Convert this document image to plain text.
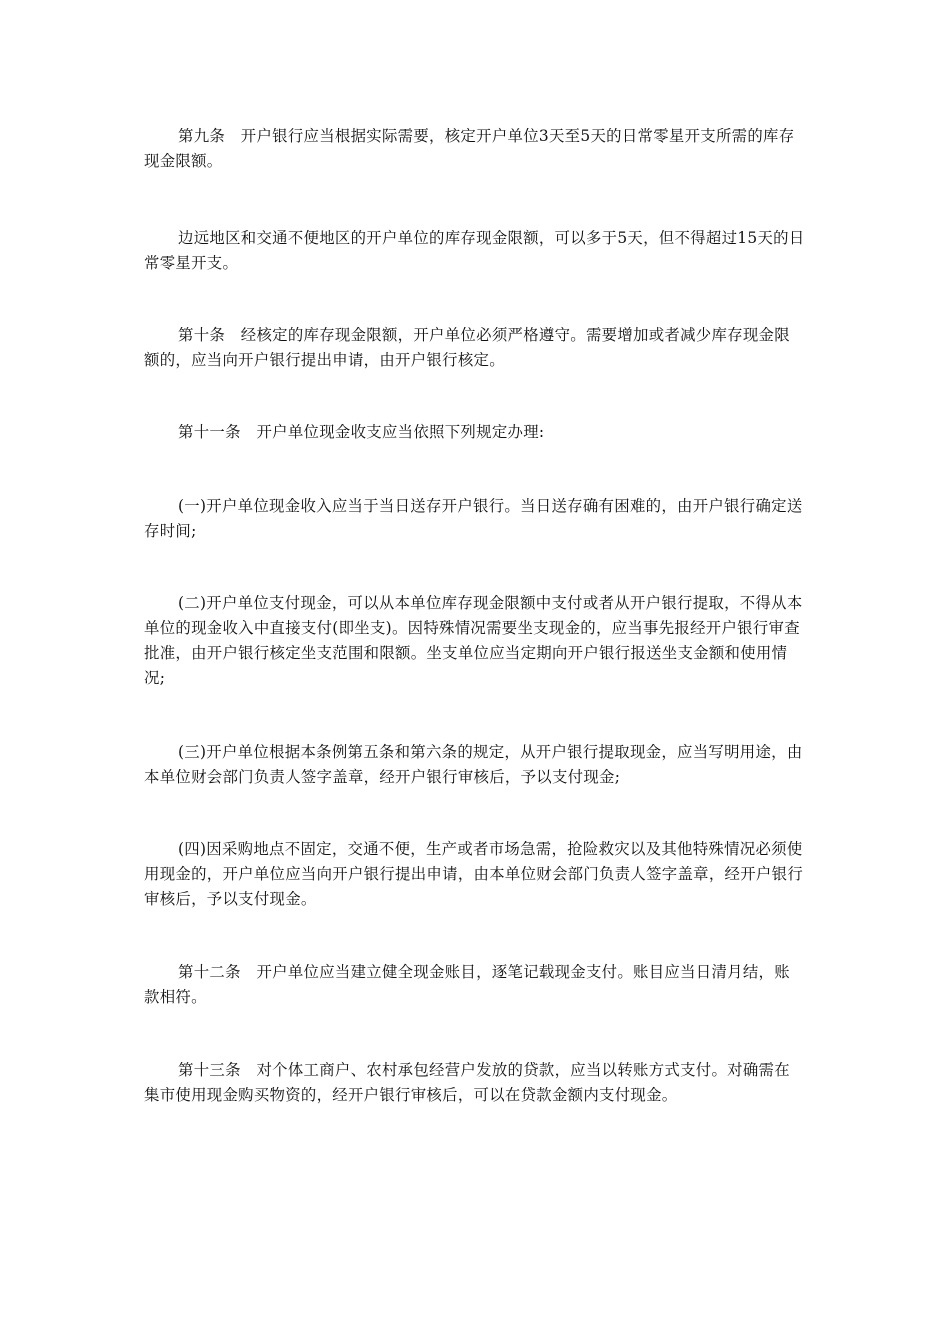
第九条　开户银行应当根据实际需要，核定开户单位3天至5天的日常零星开支所需的库存现金限额。

边远地区和交通不便地区的开户单位的库存现金限额，可以多于5天，但不得超过15天的日常零星开支。

第十条　经核定的库存现金限额，开户单位必须严格遵守。需要增加或者减少库存现金限额的，应当向开户银行提出申请，由开户银行核定。

第十一条　开户单位现金收支应当依照下列规定办理:

(一)开户单位现金收入应当于当日送存开户银行。当日送存确有困难的，由开户银行确定送存时间;

(二)开户单位支付现金，可以从本单位库存现金限额中支付或者从开户银行提取，不得从本单位的现金收入中直接支付(即坐支)。因特殊情况需要坐支现金的，应当事先报经开户银行审查批准，由开户银行核定坐支范围和限额。坐支单位应当定期向开户银行报送坐支金额和使用情况;

(三)开户单位根据本条例第五条和第六条的规定，从开户银行提取现金，应当写明用途，由本单位财会部门负责人签字盖章，经开户银行审核后，予以支付现金;

(四)因采购地点不固定，交通不便，生产或者市场急需，抢险救灾以及其他特殊情况必须使用现金的，开户单位应当向开户银行提出申请，由本单位财会部门负责人签字盖章，经开户银行审核后，予以支付现金。

第十二条　开户单位应当建立健全现金账目，逐笔记载现金支付。账目应当日清月结，账款相符。

第十三条　对个体工商户、农村承包经营户发放的贷款，应当以转账方式支付。对确需在集市使用现金购买物资的，经开户银行审核后，可以在贷款金额内支付现金。
